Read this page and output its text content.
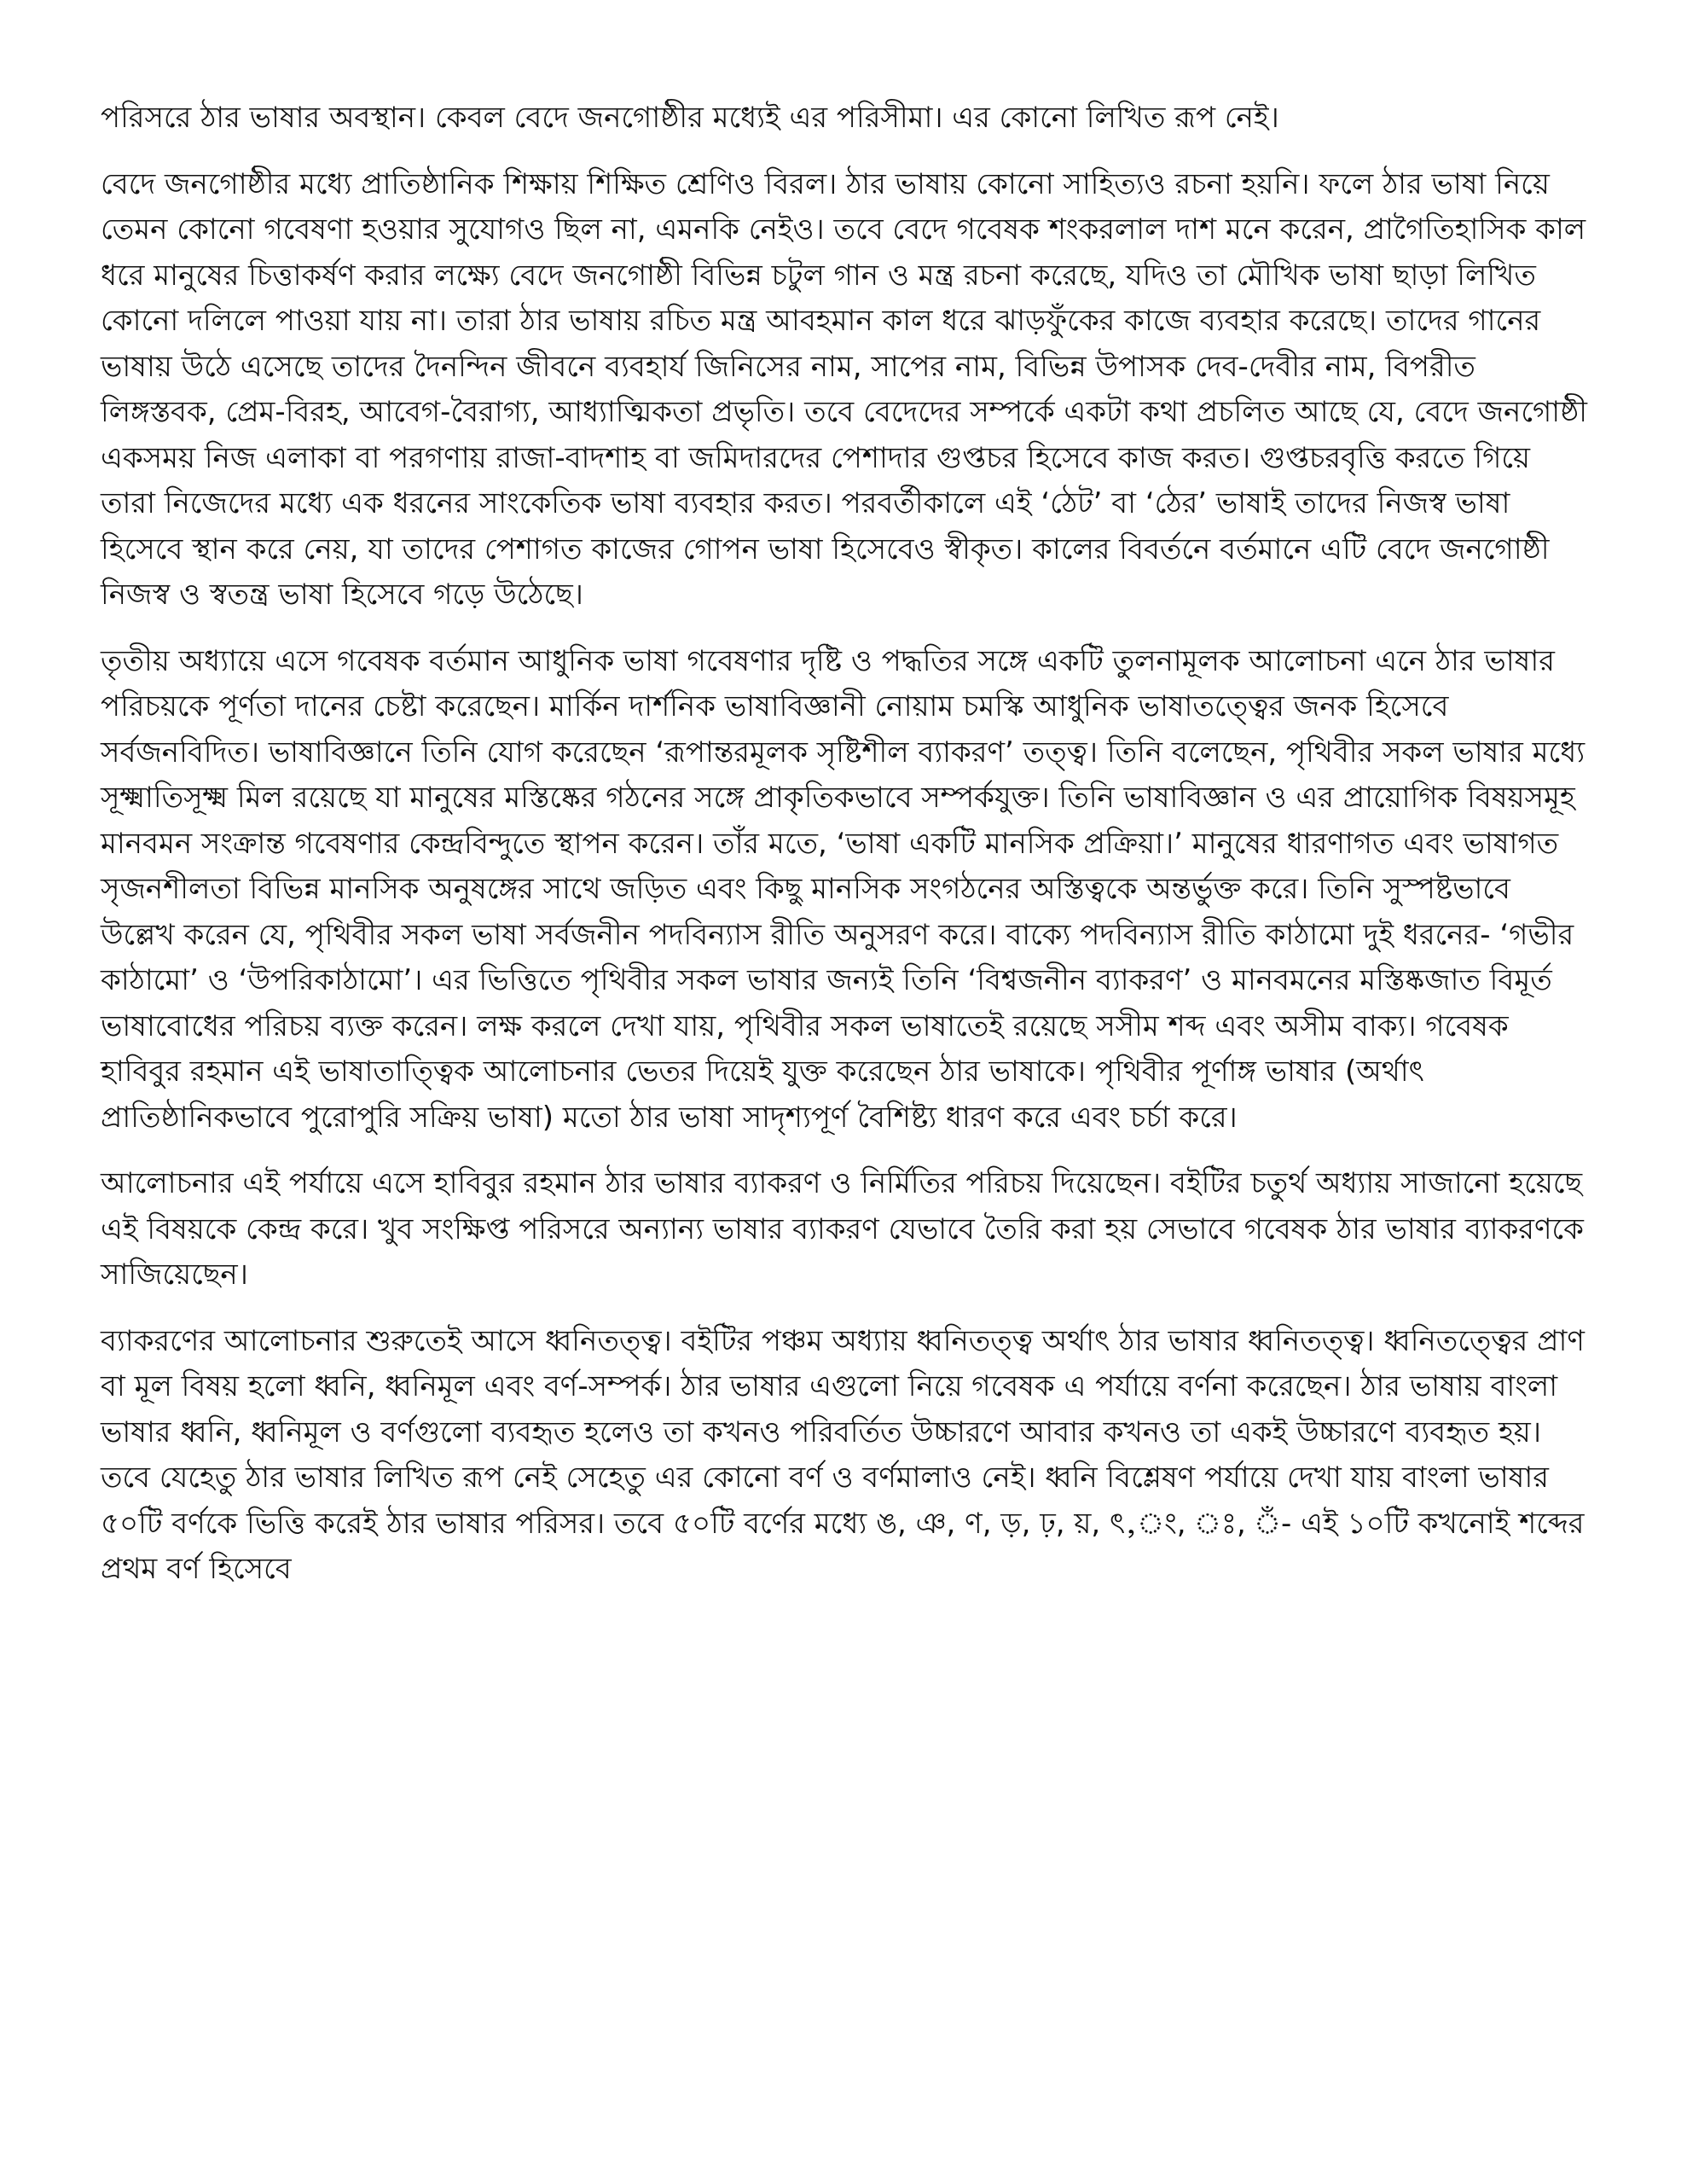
পরিসরে ঠার ভাষার অবস্থান। কেবল বেদে জনগোষ্ঠীর মধ্যেই এর পরিসীমা। এর কোনো লিখিত রূপ নেই।

বেদে জনগোষ্ঠীর মধ্যে প্রাতিষ্ঠানিক শিক্ষায় শিক্ষিত শ্রেণিও বিরল। ঠার ভাষায় কোনো সাহিত্যও রচনা হয়নি। ফলে ঠার ভাষা নিয়ে তেমন কোনো গবেষণা হওয়ার সুযোগও ছিল না, এমনকি নেইও। তবে বেদে গবেষক শংকরলাল দাশ মনে করেন, প্রাগৈতিহাসিক কাল ধরে মানুষের চিত্তাকর্ষণ করার লক্ষ্যে বেদে জনগোষ্ঠী বিভিন্ন চটুল গান ও মন্ত্র রচনা করেছে, যদিও তা মৌখিক ভাষা ছাড়া লিখিত কোনো দলিলে পাওয়া যায় না। তারা ঠার ভাষায় রচিত মন্ত্র আবহমান কাল ধরে ঝাড়ফুঁকের কাজে ব্যবহার করেছে। তাদের গানের ভাষায় উঠে এসেছে তাদের দৈনন্দিন জীবনে ব্যবহার্য জিনিসের নাম, সাপের নাম, বিভিন্ন উপাসক দেব-দেবীর নাম, বিপরীত লিঙ্গস্তবক, প্রেম-বিরহ, আবেগ-বৈরাগ্য, আধ্যাত্মিকতা প্রভৃতি। তবে বেদেদের সম্পর্কে একটা কথা প্রচলিত আছে যে, বেদে জনগোষ্ঠী একসময় নিজ এলাকা বা পরগণায় রাজা-বাদশাহ বা জমিদারদের পেশাদার গুপ্তচর হিসেবে কাজ করত। গুপ্তচরবৃত্তি করতে গিয়ে তারা নিজেদের মধ্যে এক ধরনের সাংকেতিক ভাষা ব্যবহার করত। পরবর্তীকালে এই ‘ঠেট’ বা ‘ঠের’ ভাষাই তাদের নিজস্ব ভাষা হিসেবে স্থান করে নেয়, যা তাদের পেশাগত কাজের গোপন ভাষা হিসেবেও স্বীকৃত। কালের বিবর্তনে বর্তমানে এটি বেদে জনগোষ্ঠী নিজস্ব ও স্বতন্ত্র ভাষা হিসেবে গড়ে উঠেছে।

তৃতীয় অধ্যায়ে এসে গবেষক বর্তমান আধুনিক ভাষা গবেষণার দৃষ্টি ও পদ্ধতির সঙ্গে একটি তুলনামূলক আলোচনা এনে ঠার ভাষার পরিচয়কে পূর্ণতা দানের চেষ্টা করেছেন। মার্কিন দার্শনিক ভাষাবিজ্ঞানী নোয়াম চমস্কি আধুনিক ভাষাতত্ত্বের জনক হিসেবে সর্বজনবিদিত। ভাষাবিজ্ঞানে তিনি যোগ করেছেন ‘রূপান্তরমূলক সৃষ্টিশীল ব্যাকরণ’ তত্ত্ব। তিনি বলেছেন, পৃথিবীর সকল ভাষার মধ্যে সূক্ষ্মাতিসূক্ষ্ম মিল রয়েছে যা মানুষের মস্তিষ্কের গঠনের সঙ্গে প্রাকৃতিকভাবে সম্পর্কযুক্ত। তিনি ভাষাবিজ্ঞান ও এর প্রায়োগিক বিষয়সমূহ মানবমন সংক্রান্ত গবেষণার কেন্দ্রবিন্দুতে স্থাপন করেন। তাঁর মতে, ‘ভাষা একটি মানসিক প্রক্রিয়া।’ মানুষের ধারণাগত এবং ভাষাগত সৃজনশীলতা বিভিন্ন মানসিক অনুষঙ্গের সাথে জড়িত এবং কিছু মানসিক সংগঠনের অস্তিত্বকে অন্তর্ভুক্ত করে। তিনি সুস্পষ্টভাবে উল্লেখ করেন যে, পৃথিবীর সকল ভাষা সর্বজনীন পদবিন্যাস রীতি অনুসরণ করে। বাক্যে পদবিন্যাস রীতি কাঠামো দুই ধরনের- ‘গভীর কাঠামো’ ও ‘উপরিকাঠামো’। এর ভিত্তিতে পৃথিবীর সকল ভাষার জন্যই তিনি ‘বিশ্বজনীন ব্যাকরণ’ ও মানবমনের মস্তিষ্কজাত বিমূর্ত ভাষাবোধের পরিচয় ব্যক্ত করেন। লক্ষ করলে দেখা যায়, পৃথিবীর সকল ভাষাতেই রয়েছে সসীম শব্দ এবং অসীম বাক্য। গবেষক হাবিবুর রহমান এই ভাষাতাত্ত্বিক আলোচনার ভেতর দিয়েই যুক্ত করেছেন ঠার ভাষাকে। পৃথিবীর পূর্ণাঙ্গ ভাষার (অর্থাৎ প্রাতিষ্ঠানিকভাবে পুরোপুরি সক্রিয় ভাষা) মতো ঠার ভাষা সাদৃশ্যপূর্ণ বৈশিষ্ট্য ধারণ করে এবং চর্চা করে।

আলোচনার এই পর্যায়ে এসে হাবিবুর রহমান ঠার ভাষার ব্যাকরণ ও নির্মিতির পরিচয় দিয়েছেন। বইটির চতুর্থ অধ্যায় সাজানো হয়েছে এই বিষয়কে কেন্দ্র করে। খুব সংক্ষিপ্ত পরিসরে অন্যান্য ভাষার ব্যাকরণ যেভাবে তৈরি করা হয় সেভাবে গবেষক ঠার ভাষার ব্যাকরণকে সাজিয়েছেন।

ব্যাকরণের আলোচনার শুরুতেই আসে ধ্বনিতত্ত্ব। বইটির পঞ্চম অধ্যায় ধ্বনিতত্ত্ব অর্থাৎ ঠার ভাষার ধ্বনিতত্ত্ব। ধ্বনিতত্ত্বের প্রাণ বা মূল বিষয় হলো ধ্বনি, ধ্বনিমূল এবং বর্ণ-সম্পর্ক। ঠার ভাষার এগুলো নিয়ে গবেষক এ পর্যায়ে বর্ণনা করেছেন। ঠার ভাষায় বাংলা ভাষার ধ্বনি, ধ্বনিমূল ও বর্ণগুলো ব্যবহৃত হলেও তা কখনও পরিবর্তিত উচ্চারণে আবার কখনও তা একই উচ্চারণে ব্যবহৃত হয়। তবে যেহেতু ঠার ভাষার লিখিত রূপ নেই সেহেতু এর কোনো বর্ণ ও বর্ণমালাও নেই। ধ্বনি বিশ্লেষণ পর্যায়ে দেখা যায় বাংলা ভাষার ৫০টি বর্ণকে ভিত্তি করেই ঠার ভাষার পরিসর। তবে ৫০টি বর্ণের মধ্যে ঙ, ঞ, ণ, ড়, ঢ়, য়, ৎ,ং, ঃ, ঁ- এই ১০টি কখনোই শব্দের প্রথম বর্ণ হিসেবে
